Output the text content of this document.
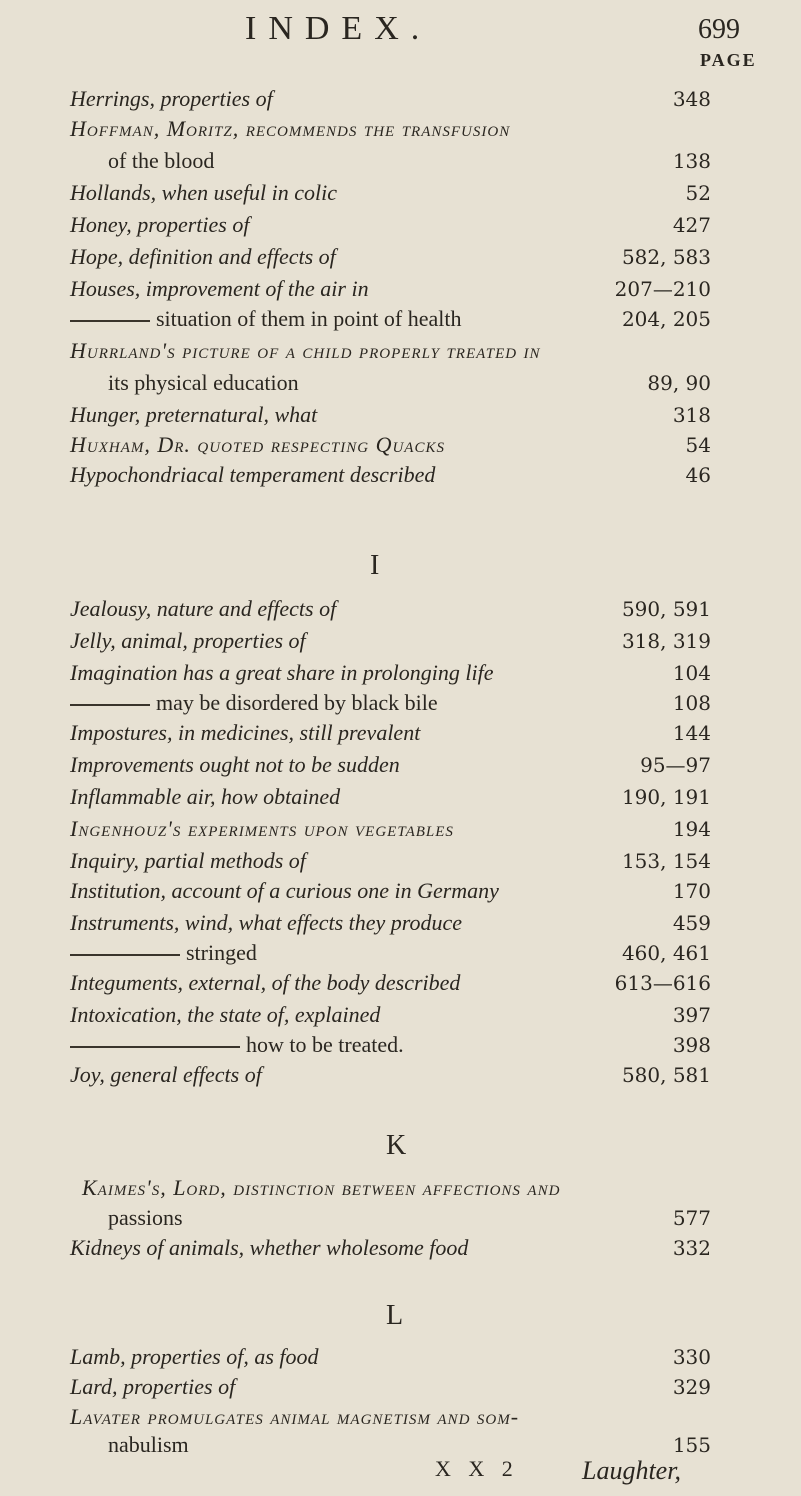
INDEX.	699
PAGE
Herrings, properties of	348
Hoffman, Moritz, recommends the transfusion
of the blood	138
Hollands, when useful in colic	52
Honey, properties of	427
Hope, definition and effects of	582, 583
Houses, improvement of the air in	207—210
situation of them in point of health	204, 205
Hurrland's picture of a child properly treated in
its physical education	89, 90
Hunger, preternatural, what	318
Huxham, Dr. quoted respecting Quacks	54
Hypochondriacal temperament described	46
I
Jealousy, nature and effects of	590, 591
Jelly, animal, properties of	318, 319
Imagination has a great share in prolonging life	104
may be disordered by black bile	108
Impostures, in medicines, still prevalent	144
Improvements ought not to be sudden	95—97
Inflammable air, how obtained	190, 191
Ingenhouz's experiments upon vegetables	194
Inquiry, partial methods of	153, 154
Institution, account of a curious one in Germany	170
Instruments, wind, what effects they produce	459
stringed	460, 461
Integuments, external, of the body described	613—616
Intoxication, the state of, explained	397
how to be treated.	398
Joy, general effects of	580, 581
K
Kaimes's, Lord, distinction between affections and
passions	577
Kidneys of animals, whether wholesome food	332
L
Lamb, properties of, as food	330
Lard, properties of	329
Lavater promulgates animal magnetism and som-
nabulism	155
X X 2 Laughter,
